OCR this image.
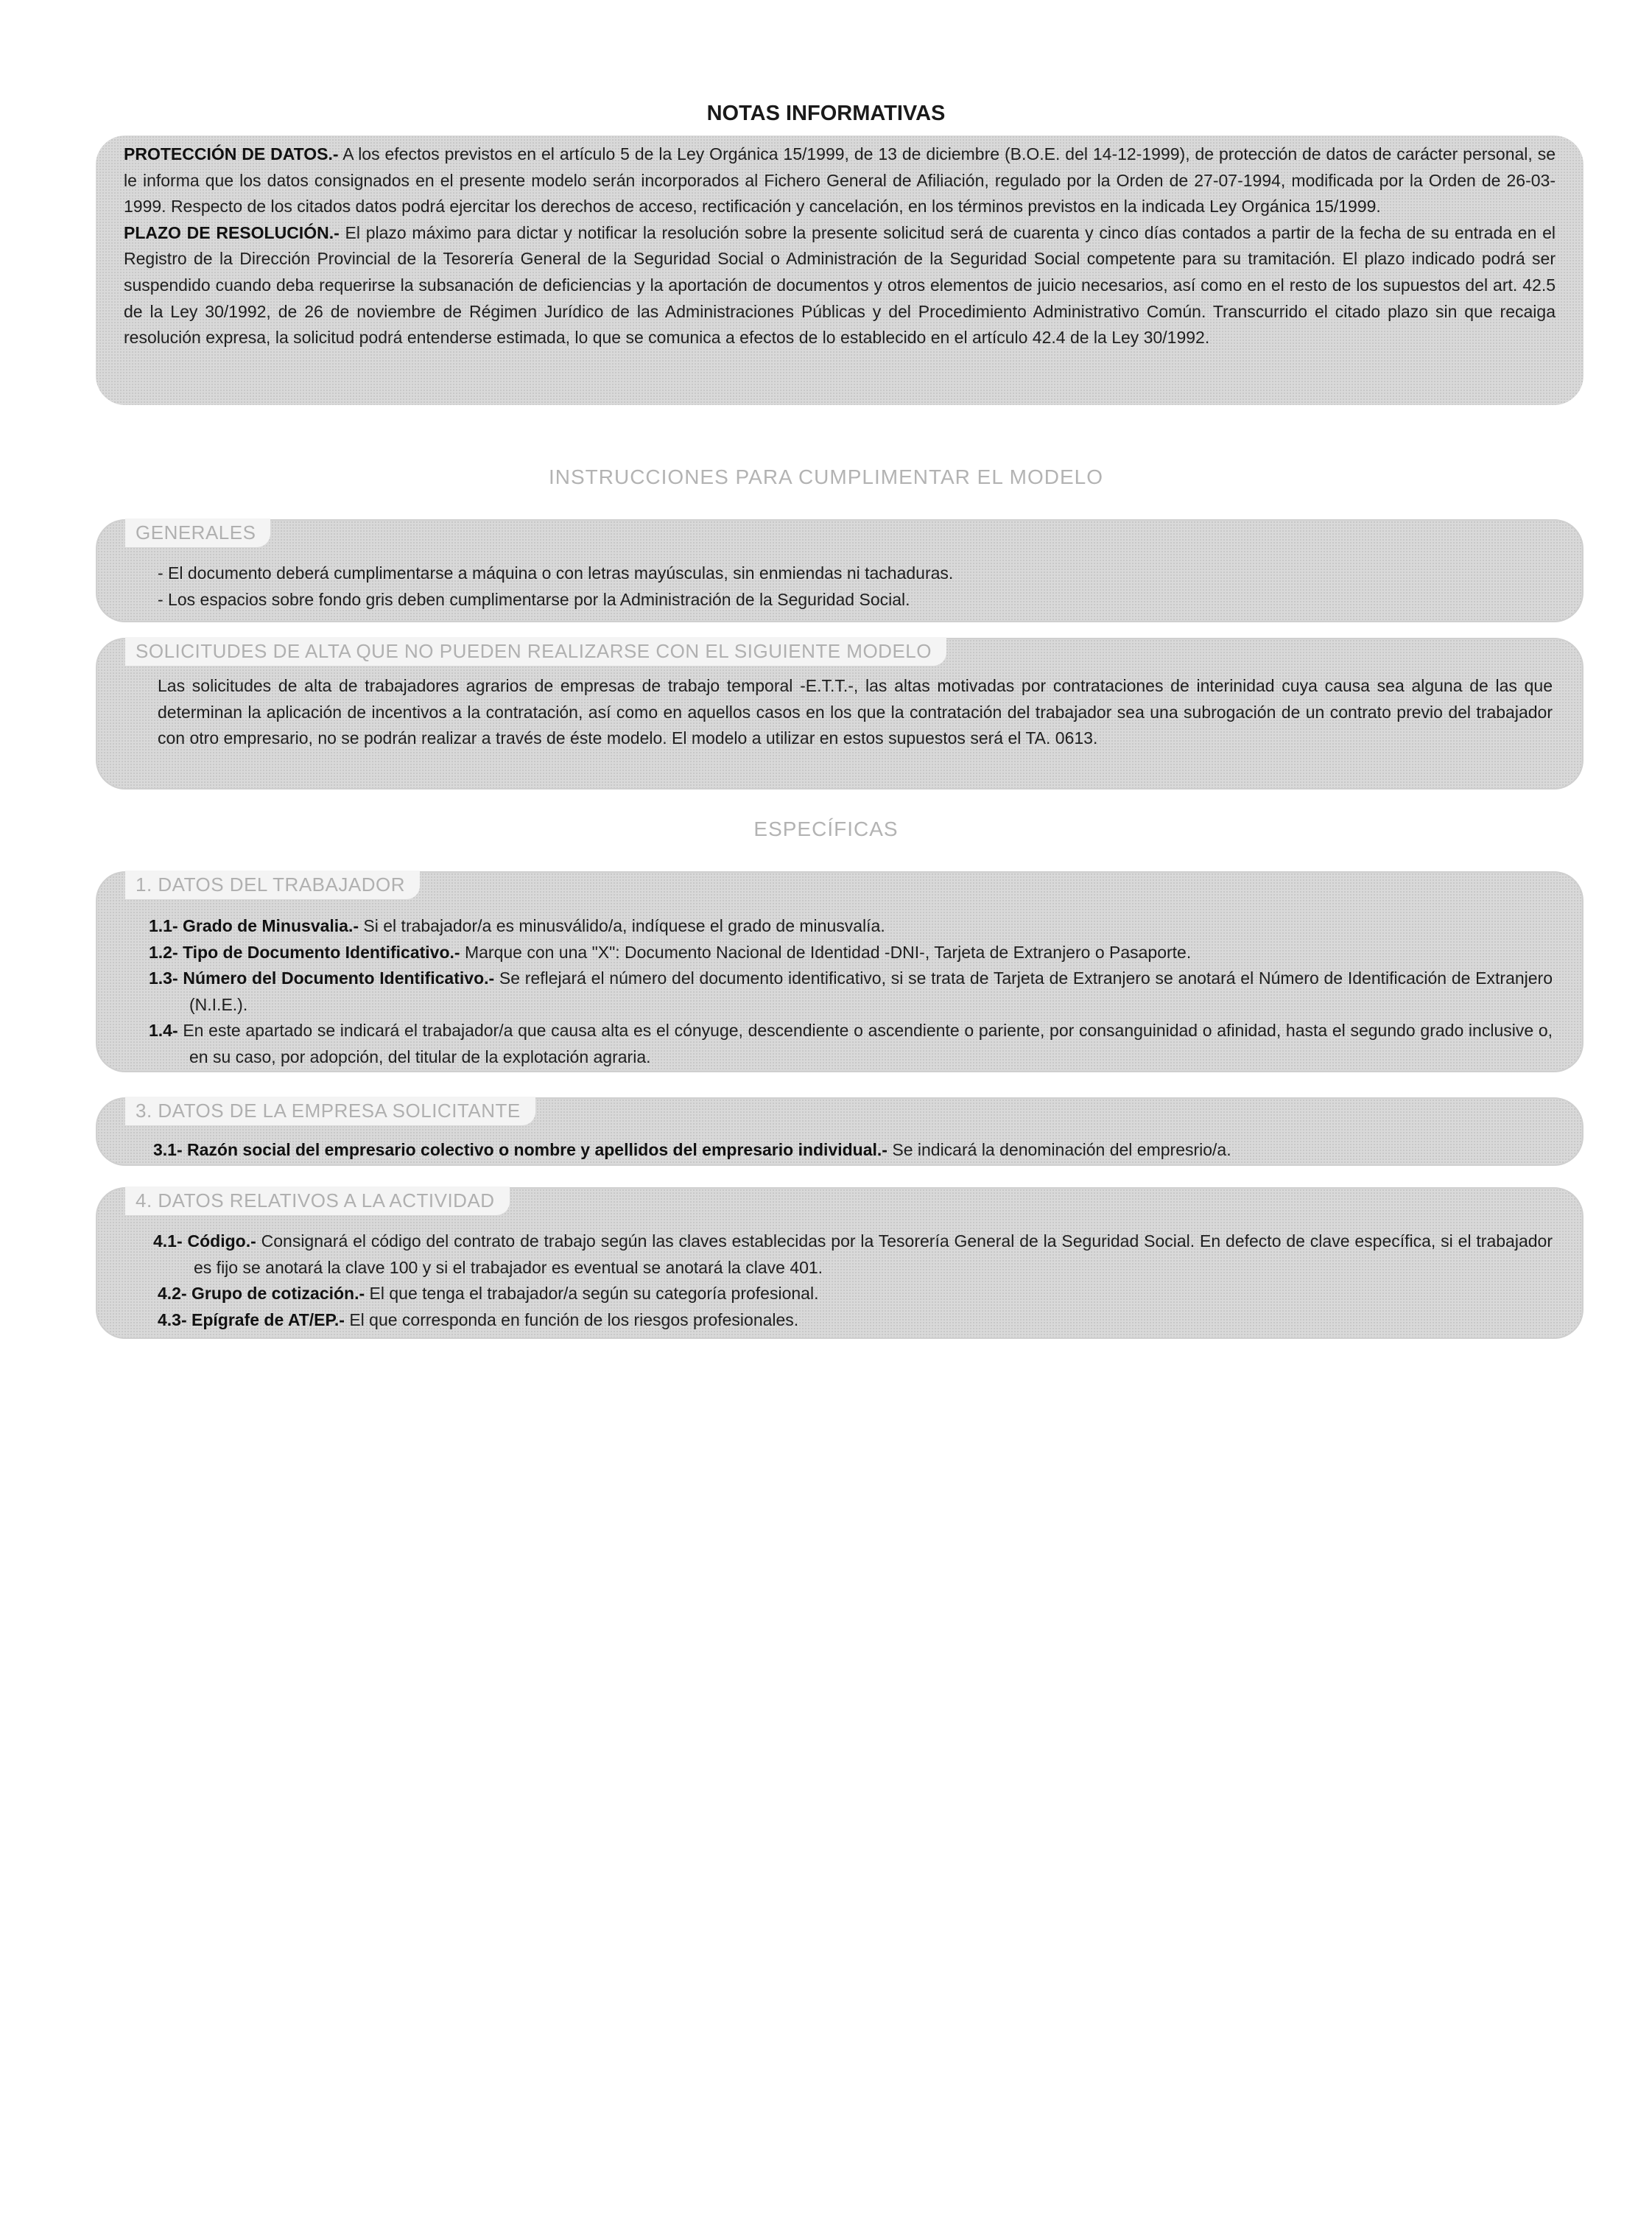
NOTAS INFORMATIVAS

PROTECCIÓN DE DATOS.- A los efectos previstos en el artículo 5 de la Ley Orgánica 15/1999, de 13 de diciembre (B.O.E. del 14-12-1999), de protección de datos de carácter personal, se le informa que los datos consignados en el presente modelo serán incorporados al Fichero General de Afiliación, regulado por la Orden de 27-07-1994, modificada por la Orden de 26-03-1999. Respecto de los citados datos podrá ejercitar los derechos de acceso, rectificación y cancelación, en los términos previstos en la indicada Ley Orgánica 15/1999.

PLAZO DE RESOLUCIÓN.- El plazo máximo para dictar y notificar la resolución sobre la presente solicitud será de cuarenta y cinco días contados a partir de la fecha de su entrada en el Registro de la Dirección Provincial de la Tesorería General de la Seguridad Social o Administración de la Seguridad Social competente para su tramitación. El plazo indicado podrá ser suspendido cuando deba requerirse la subsanación de deficiencias y la aportación de documentos y otros elementos de juicio necesarios, así como en el resto de los supuestos del art. 42.5 de la Ley 30/1992, de 26 de noviembre de Régimen Jurídico de las Administraciones Públicas y del Procedimiento Administrativo Común. Transcurrido el citado plazo sin que recaiga resolución expresa, la solicitud podrá entenderse estimada, lo que se comunica a efectos de lo establecido en el artículo 42.4 de la Ley 30/1992.

INSTRUCCIONES PARA CUMPLIMENTAR EL MODELO
GENERALES

- El documento deberá cumplimentarse a máquina o con letras mayúsculas, sin enmiendas ni tachaduras.

- Los espacios sobre fondo gris deben cumplimentarse por la Administración de la Seguridad Social.

SOLICITUDES DE ALTA QUE NO PUEDEN REALIZARSE CON EL SIGUIENTE MODELO

Las solicitudes de alta de trabajadores agrarios de empresas de trabajo temporal -E.T.T.-, las altas motivadas por contrataciones de interinidad cuya causa sea alguna de las que determinan la aplicación de incentivos a la contratación, así como en aquellos casos en los que la contratación del trabajador sea una subrogación de un contrato previo del trabajador con otro empresario, no se podrán realizar a través de éste modelo. El modelo a utilizar en estos supuestos será el TA. 0613.

ESPECÍFICAS
1. DATOS DEL TRABAJADOR

1.1- Grado de Minusvalia.- Si el trabajador/a es minusválido/a, indíquese el grado de minusvalía.

1.2- Tipo de Documento Identificativo.- Marque con una "X": Documento Nacional de Identidad -DNI-, Tarjeta de Extranjero o Pasaporte.

1.3- Número del Documento Identificativo.- Se reflejará el número del documento identificativo, si se trata de Tarjeta de Extranjero se anotará el Número de Identificación de Extranjero (N.I.E.).

1.4- En este apartado se indicará el trabajador/a que causa alta es el cónyuge, descendiente o ascendiente o pariente, por consanguinidad o afinidad, hasta el segundo grado inclusive o, en su caso, por adopción, del titular de la explotación agraria.

3. DATOS DE LA EMPRESA SOLICITANTE

3.1- Razón social del empresario colectivo o nombre y apellidos del empresario individual.- Se indicará la denominación del empresrio/a.

4. DATOS RELATIVOS A LA ACTIVIDAD

4.1- Código.- Consignará el código del contrato de trabajo según las claves establecidas por la Tesorería General de la Seguridad Social. En defecto de clave específica, si el trabajador es fijo se anotará la clave 100 y si el trabajador es eventual se anotará la clave 401.

4.2- Grupo de cotización.- El que tenga el trabajador/a según su categoría profesional.

4.3- Epígrafe de AT/EP.- El que corresponda en función de los riesgos profesionales.
